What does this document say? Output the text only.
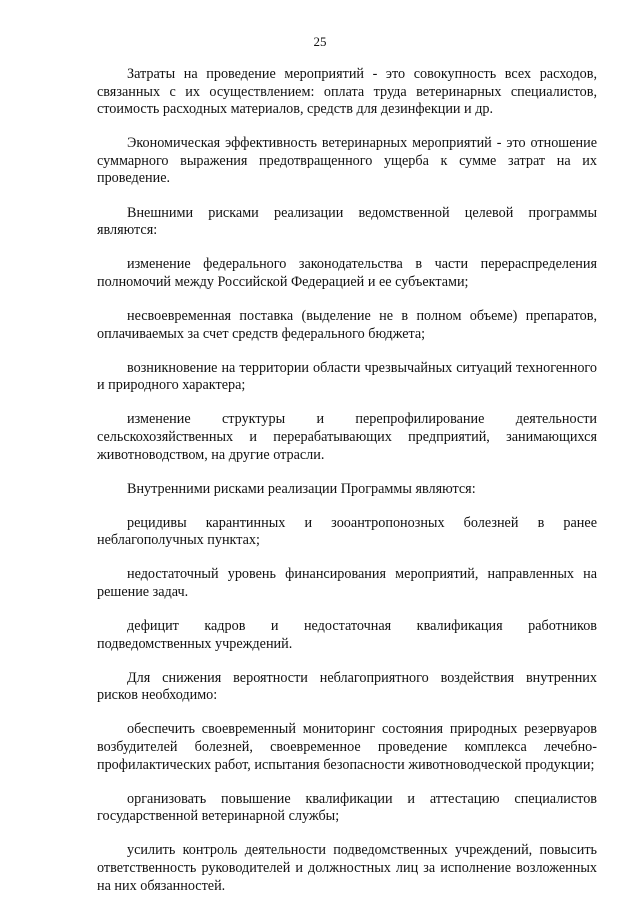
25

Затраты на проведение мероприятий - это совокупность всех расходов, связанных с их осуществлением: оплата труда ветеринарных специалистов, стоимость расходных материалов, средств для дезинфекции и др.

Экономическая эффективность ветеринарных мероприятий - это отношение суммарного выражения предотвращенного ущерба к сумме затрат на их проведение.

Внешними рисками реализации ведомственной целевой программы являются:

изменение федерального законодательства в части перераспределения полномочий между Российской Федерацией и ее субъектами;

несвоевременная поставка (выделение не в полном объеме) препаратов, оплачиваемых за счет средств федерального бюджета;

возникновение на территории области чрезвычайных ситуаций техногенного и природного характера;

изменение структуры и перепрофилирование деятельности сельскохозяйственных и перерабатывающих предприятий, занимающихся животноводством, на другие отрасли.

Внутренними рисками реализации Программы являются:

рецидивы карантинных и зооантропонозных болезней в ранее неблагополучных пунктах;

недостаточный уровень финансирования мероприятий, направленных на решение задач.

дефицит кадров и недостаточная квалификация работников подведомственных учреждений.

Для снижения вероятности неблагоприятного воздействия внутренних рисков необходимо:

обеспечить своевременный мониторинг состояния природных резервуаров возбудителей болезней, своевременное проведение комплекса лечебно-профилактических работ, испытания безопасности животноводческой продукции;

организовать повышение квалификации и аттестацию специалистов государственной ветеринарной службы;

усилить контроль деятельности подведомственных учреждений, повысить ответственность руководителей и должностных лиц за исполнение возложенных на них обязанностей.
